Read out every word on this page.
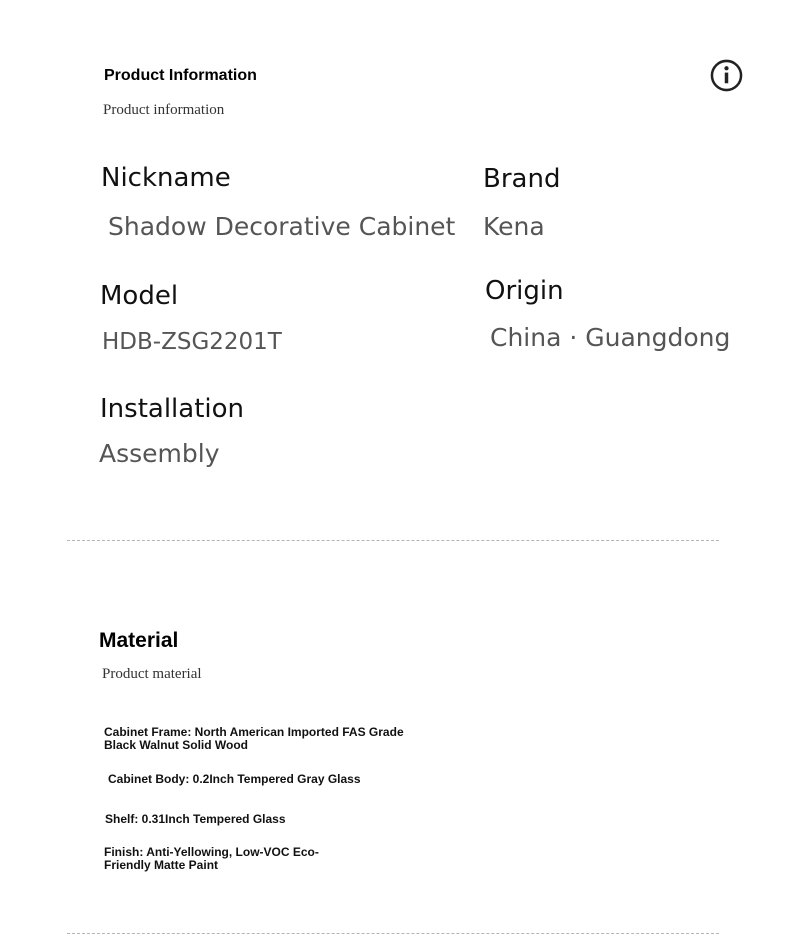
Product Information
Product information
Nickname
Shadow Decorative Cabinet
Brand
Kena
Model
HDB-ZSG2201T
Origin
China · Guangdong
Installation
Assembly
Material
Product material
Cabinet Frame: North American Imported FAS Grade Black Walnut Solid Wood
Cabinet Body: 0.2Inch Tempered Gray Glass
Shelf: 0.31Inch Tempered Glass
Finish: Anti-Yellowing, Low-VOC Eco-Friendly Matte Paint
